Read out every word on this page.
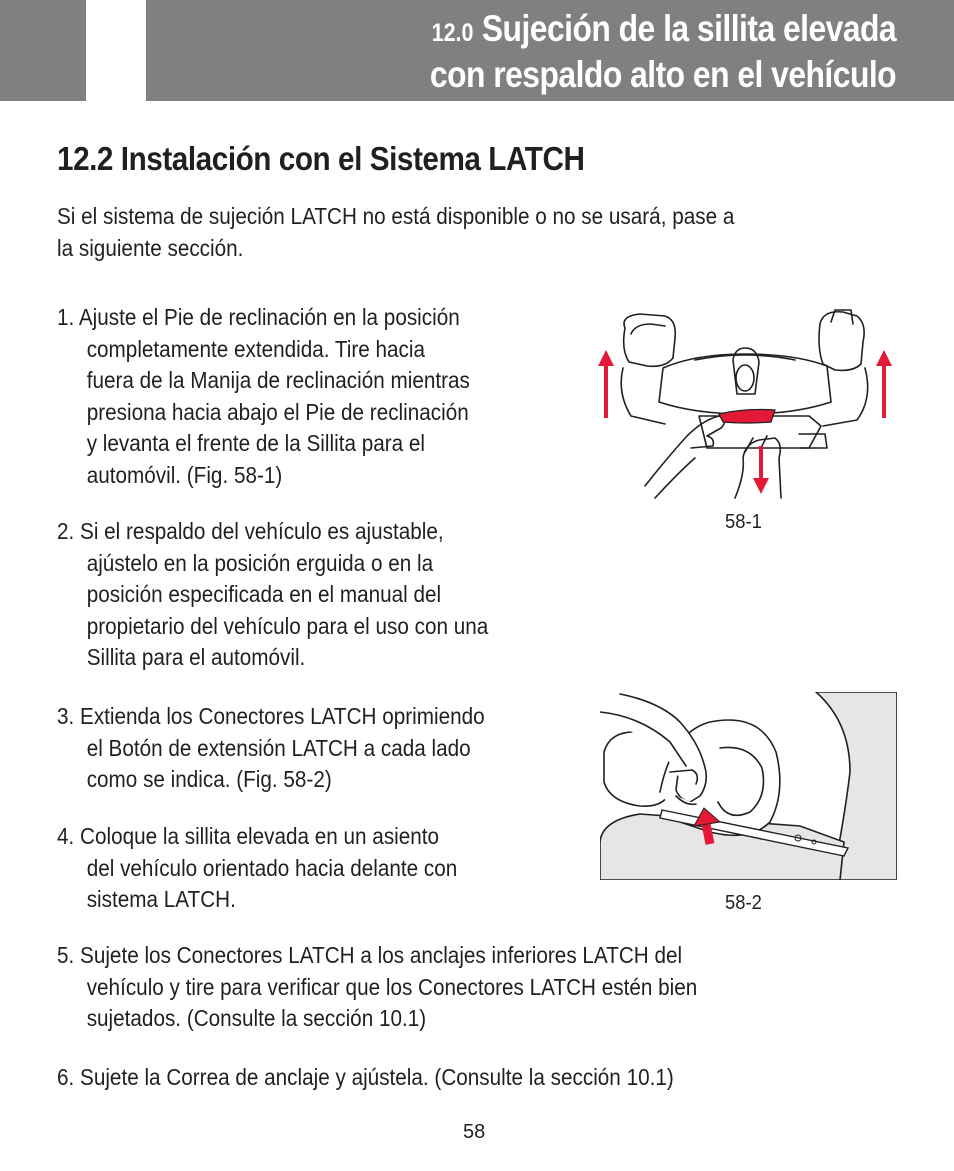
12.0 Sujeción de la sillita elevada
con respaldo alto en el vehículo
12.2 Instalación con el Sistema LATCH
Si el sistema de sujeción LATCH no está disponible o no se usará, pase a
la siguiente sección.
1. Ajuste el Pie de reclinación en la posición
completamente extendida. Tire hacia
fuera de la Manija de reclinación mientras
presiona hacia abajo el Pie de reclinación
y levanta el frente de la Sillita para el
automóvil. (Fig. 58-1)
2. Si el respaldo del vehículo es ajustable,
ajústelo en la posición erguida o en la
posición especificada en el manual del
propietario del vehículo para el uso con una
Sillita para el automóvil.
3. Extienda los Conectores LATCH oprimiendo
el Botón de extensión LATCH a cada lado
como se indica. (Fig. 58-2)
4. Coloque la sillita elevada en un asiento
del vehículo orientado hacia delante con
sistema LATCH.
5. Sujete los Conectores LATCH a los anclajes inferiores LATCH del
vehículo y tire para verificar que los Conectores LATCH estén bien
sujetados. (Consulte la sección 10.1)
6. Sujete la Correa de anclaje y ajústela. (Consulte la sección 10.1)
58-1
58-2
58
